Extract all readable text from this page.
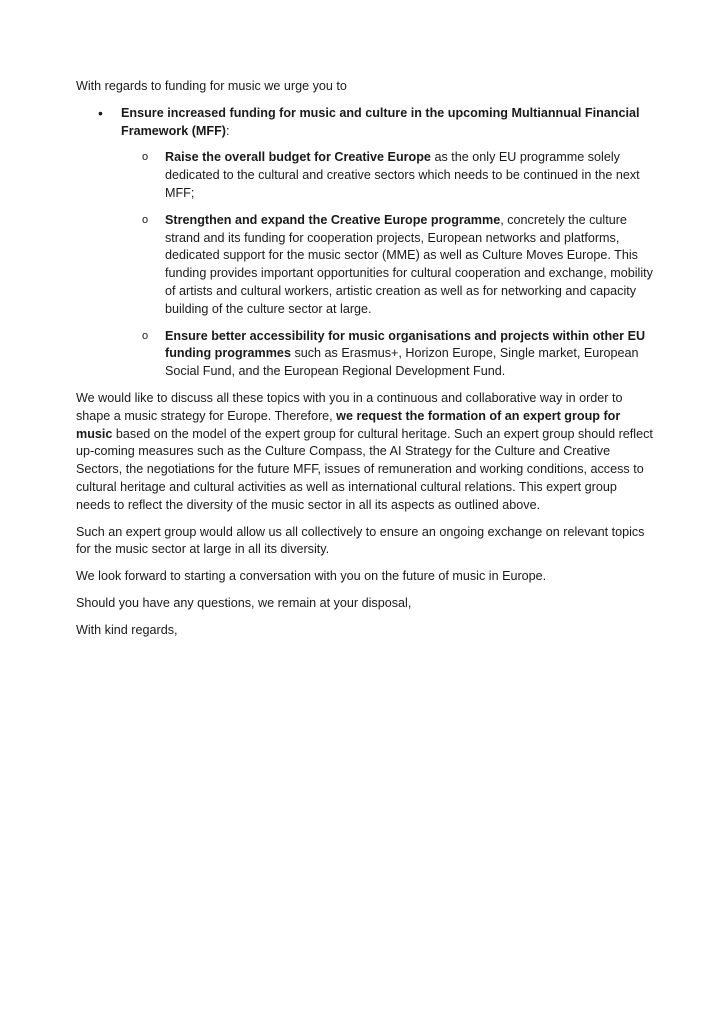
With regards to funding for music we urge you to

• Ensure increased funding for music and culture in the upcoming Multiannual Financial Framework (MFF):

o Raise the overall budget for Creative Europe as the only EU programme solely dedicated to the cultural and creative sectors which needs to be continued in the next MFF;

o Strengthen and expand the Creative Europe programme, concretely the culture strand and its funding for cooperation projects, European networks and platforms, dedicated support for the music sector (MME) as well as Culture Moves Europe. This funding provides important opportunities for cultural cooperation and exchange, mobility of artists and cultural workers, artistic creation as well as for networking and capacity building of the culture sector at large.

o Ensure better accessibility for music organisations and projects within other EU funding programmes such as Erasmus+, Horizon Europe, Single market, European Social Fund, and the European Regional Development Fund.

We would like to discuss all these topics with you in a continuous and collaborative way in order to shape a music strategy for Europe. Therefore, we request the formation of an expert group for music based on the model of the expert group for cultural heritage. Such an expert group should reflect up-coming measures such as the Culture Compass, the AI Strategy for the Culture and Creative Sectors, the negotiations for the future MFF, issues of remuneration and working conditions, access to cultural heritage and cultural activities as well as international cultural relations. This expert group needs to reflect the diversity of the music sector in all its aspects as outlined above.

Such an expert group would allow us all collectively to ensure an ongoing exchange on relevant topics for the music sector at large in all its diversity.

We look forward to starting a conversation with you on the future of music in Europe.

Should you have any questions, we remain at your disposal,

With kind regards,
